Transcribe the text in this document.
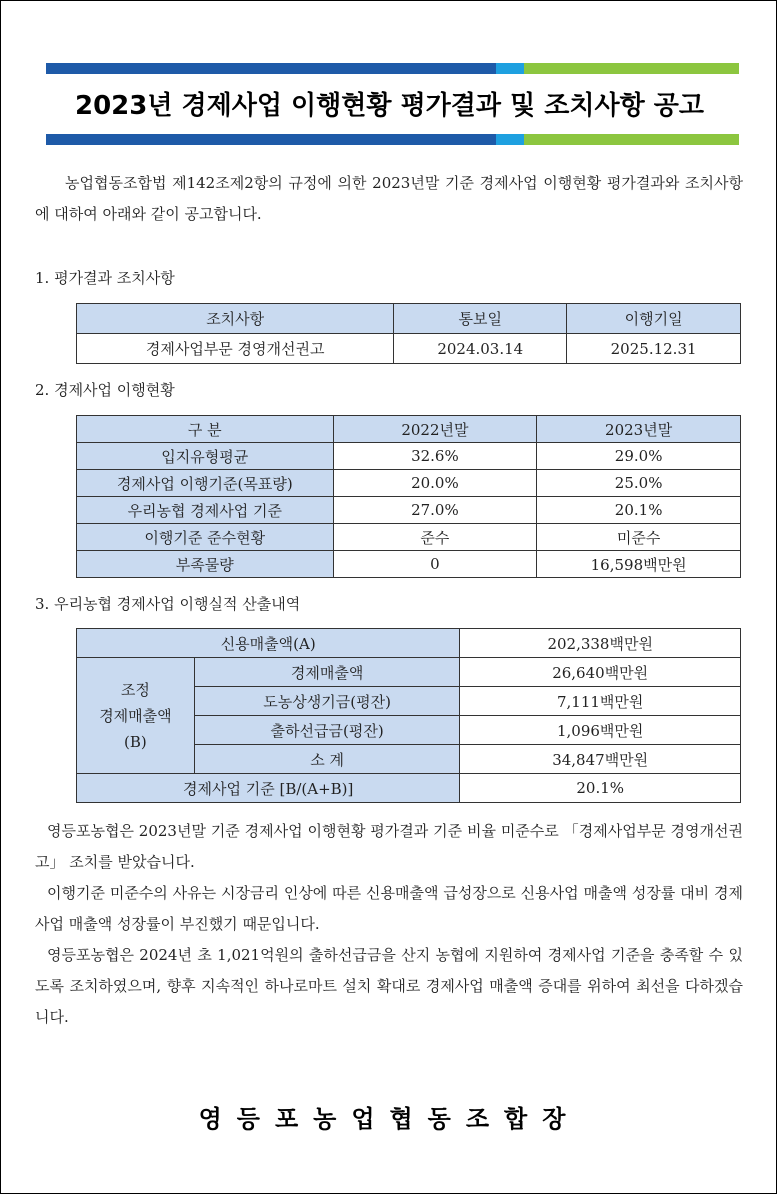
2023년 경제사업 이행현황 평가결과 및 조치사항 공고
농업협동조합법 제142조제2항의 규정에 의한 2023년말 기준 경제사업 이행현황 평가결과와 조치사항에 대하여 아래와 같이 공고합니다.
1. 평가결과 조치사항
조치사항	통보일	이행기일
경제사업부문 경영개선권고	2024.03.14	2025.12.31
2. 경제사업 이행현황
구 분	2022년말	2023년말
입지유형평균	32.6%	29.0%
경제사업 이행기준(목표량)	20.0%	25.0%
우리농협 경제사업 기준	27.0%	20.1%
이행기준 준수현황	준수	미준수
부족물량	0	16,598백만원
3. 우리농협 경제사업 이행실적 산출내역
신용매출액(A)		202,338백만원

조정
경제매출액
(B)	경제매출액	26,640백만원
	도농상생기금(평잔)	7,111백만원
	출하선급금(평잔)	1,096백만원
	소 계	34,847백만원
경제사업 기준 [B/(A+B)]		20.1%

영등포농협은 2023년말 기준 경제사업 이행현황 평가결과 기준 비율 미준수로 「경제사업부문 경영개선권고」 조치를 받았습니다.

이행기준 미준수의 사유는 시장금리 인상에 따른 신용매출액 급성장으로 신용사업 매출액 성장률 대비 경제사업 매출액 성장률이 부진했기 때문입니다.

영등포농협은 2024년 초 1,021억원의 출하선급금을 산지 농협에 지원하여 경제사업 기준을 충족할 수 있도록 조치하였으며, 향후 지속적인 하나로마트 설치 확대로 경제사업 매출액 증대를 위하여 최선을 다하겠습니다.

영등포농업협동조합장
